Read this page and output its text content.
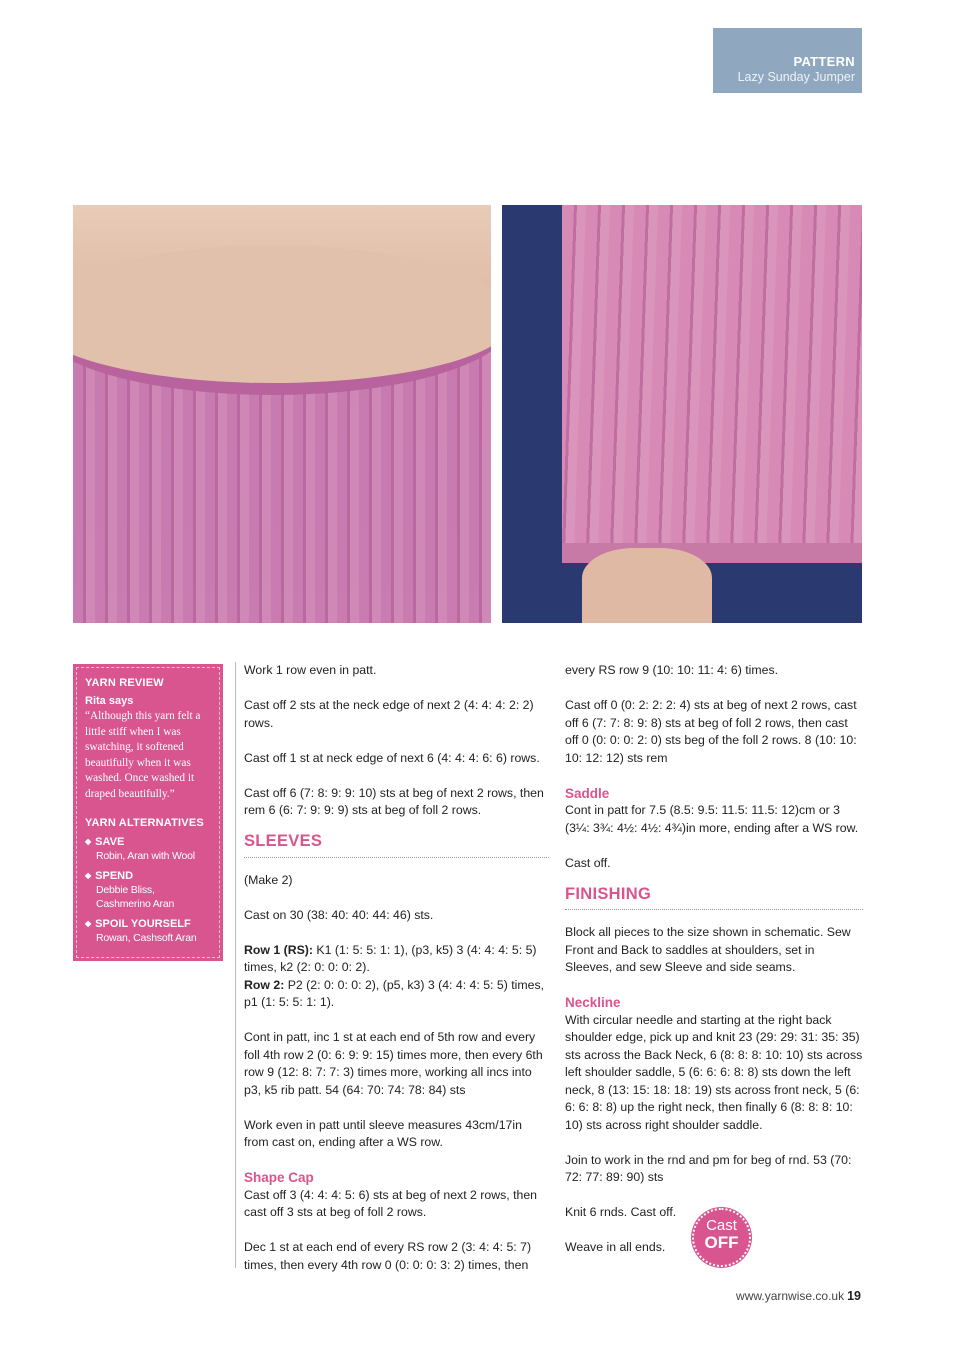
PATTERN
Lazy Sunday Jumper
YARN REVIEW
Rita says
“Although this yarn felt a little stiff when I was swatching, it softened beautifully when it was washed. Once washed it draped beautifully.”
YARN ALTERNATIVES
◆ SAVE
Robin, Aran with Wool
◆ SPEND
Debbie Bliss, Cashmerino Aran
◆ SPOIL YOURSELF
Rowan, Cashsoft Aran

Work 1 row even in patt.

Cast off 2 sts at the neck edge of next 2 (4: 4: 4: 2: 2) rows.

Cast off 1 st at neck edge of next 6 (4: 4: 4: 6: 6) rows.

Cast off 6 (7: 8: 9: 9: 10) sts at beg of next 2 rows, then rem 6 (6: 7: 9: 9: 9) sts at beg of foll 2 rows.

SLEEVES

(Make 2)

Cast on 30 (38: 40: 40: 44: 46) sts.

Row 1 (RS): K1 (1: 5: 5: 1: 1), (p3, k5) 3 (4: 4: 4: 5: 5) times, k2 (2: 0: 0: 0: 2).

Row 2: P2 (2: 0: 0: 0: 2), (p5, k3) 3 (4: 4: 4: 5: 5) times, p1 (1: 5: 5: 1: 1).

Cont in patt, inc 1 st at each end of 5th row and every foll 4th row 2 (0: 6: 9: 9: 15) times more, then every 6th row 9 (12: 8: 7: 7: 3) times more, working all incs into p3, k5 rib patt. 54 (64: 70: 74: 78: 84) sts

Work even in patt until sleeve measures 43cm/17in from cast on, ending after a WS row.

Shape Cap

Cast off 3 (4: 4: 4: 5: 6) sts at beg of next 2 rows, then cast off 3 sts at beg of foll 2 rows.

Dec 1 st at each end of every RS row 2 (3: 4: 4: 5: 7) times, then every 4th row 0 (0: 0: 0: 3: 2) times, then

every RS row 9 (10: 10: 11: 4: 6) times.

Cast off 0 (0: 2: 2: 2: 4) sts at beg of next 2 rows, cast off 6 (7: 7: 8: 9: 8) sts at beg of foll 2 rows, then cast off 0 (0: 0: 0: 2: 0) sts beg of the foll 2 rows. 8 (10: 10: 10: 12: 12) sts rem

Saddle

Cont in patt for 7.5 (8.5: 9.5: 11.5: 11.5: 12)cm or 3 (3¼: 3¾: 4½: 4½: 4¾)in more, ending after a WS row.

Cast off.

FINISHING

Block all pieces to the size shown in schematic. Sew Front and Back to saddles at shoulders, set in Sleeves, and sew Sleeve and side seams.

Neckline

With circular needle and starting at the right back shoulder edge, pick up and knit 23 (29: 29: 31: 35: 35) sts across the Back Neck, 6 (8: 8: 8: 10: 10) sts across left shoulder saddle, 5 (6: 6: 6: 8: 8) sts down the left neck, 8 (13: 15: 18: 18: 19) sts across front neck, 5 (6: 6: 6: 8: 8) up the right neck, then finally 6 (8: 8: 8: 10: 10) sts across right shoulder saddle.

Join to work in the rnd and pm for beg of rnd. 53 (70: 72: 77: 89: 90) sts

Knit 6 rnds. Cast off.

Weave in all ends.

Cast
OFF
www.yarnwise.co.uk 19
